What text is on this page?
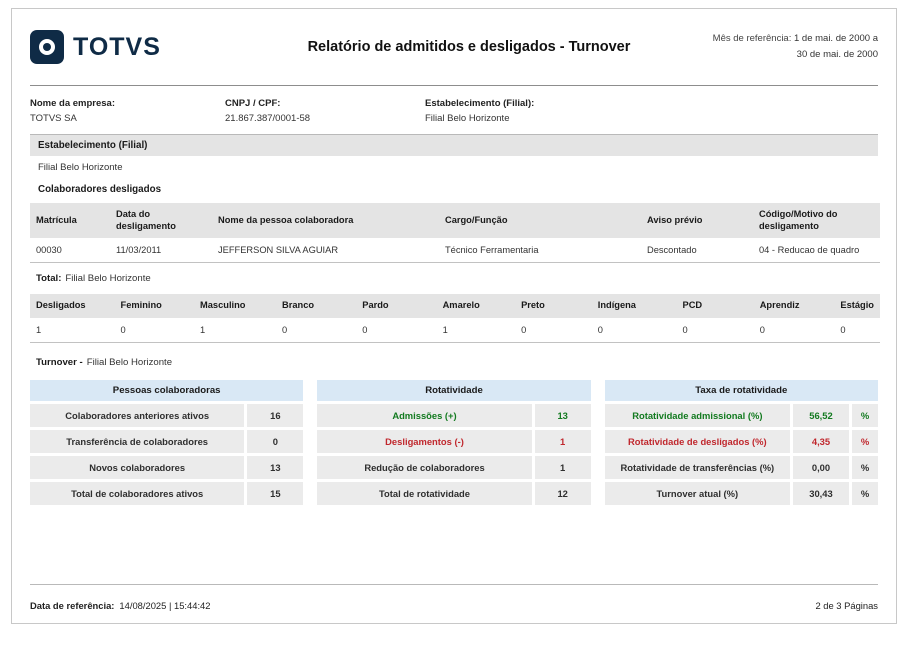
TOTVS	Relatório de admitidos e desligados - Turnover
Mês de referência: 1 de mai. de 2000 a
30 de mai. de 2000
Nome da empresa:
TOTVS SA
CNPJ / CPF:
21.867.387/0001-58
Estabelecimento (Filial):
Filial Belo Horizonte
Estabelecimento (Filial)
Filial Belo Horizonte
Colaboradores desligados
Matrícula	Data do desligamento	Nome da pessoa colaboradora	Cargo/Função	Aviso prévio	Código/Motivo do desligamento
00030	11/03/2011	JEFFERSON SILVA AGUIAR	Técnico Ferramentaria	Descontado	04 - Reducao de quadro
Total: Filial Belo Horizonte
Desligados	Feminino	Masculino	Branco	Pardo	Amarelo	Preto	Indígena	PCD	Aprendiz	Estágio
1	0	1	0	0	1	0	0	0	0	0
Turnover - Filial Belo Horizonte
Pessoas colaboradoras
Colaboradores anteriores ativos	16
Transferência de colaboradores	0
Novos colaboradores	13
Total de colaboradores ativos	15
Rotatividade
Admissões (+)	13
Desligamentos (-)	1
Redução de colaboradores	1
Total de rotatividade	12
Taxa de rotatividade
Rotatividade admissional (%)	56,52	%
Rotatividade de desligados (%)	4,35	%
Rotatividade de transferências (%)	0,00	%
Turnover atual (%)	30,43	%
Data de referência: 14/08/2025 | 15:44:42	2 de 3 Páginas
